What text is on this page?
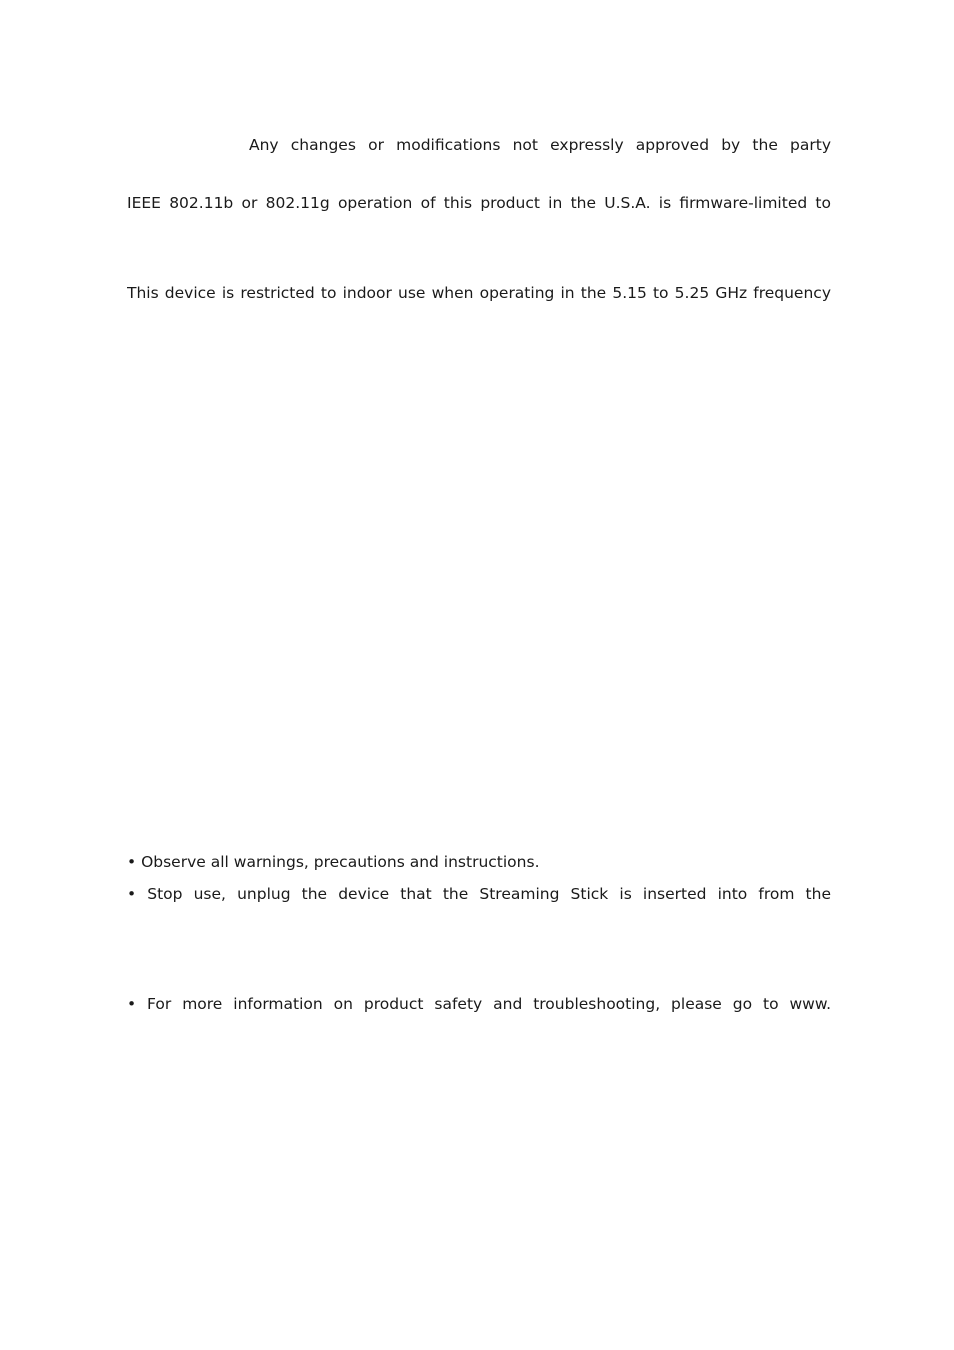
Any changes or modifications not expressly approved by the party
IEEE 802.11b or 802.11g operation of this product in the U.S.A. is firmware-limited to
This device is restricted to indoor use when operating in the 5.15 to 5.25 GHz frequency
• Observe all warnings, precautions and instructions.
• Stop use, unplug the device that the Streaming Stick is inserted into from the
• For more information on product safety and troubleshooting, please go to www.
